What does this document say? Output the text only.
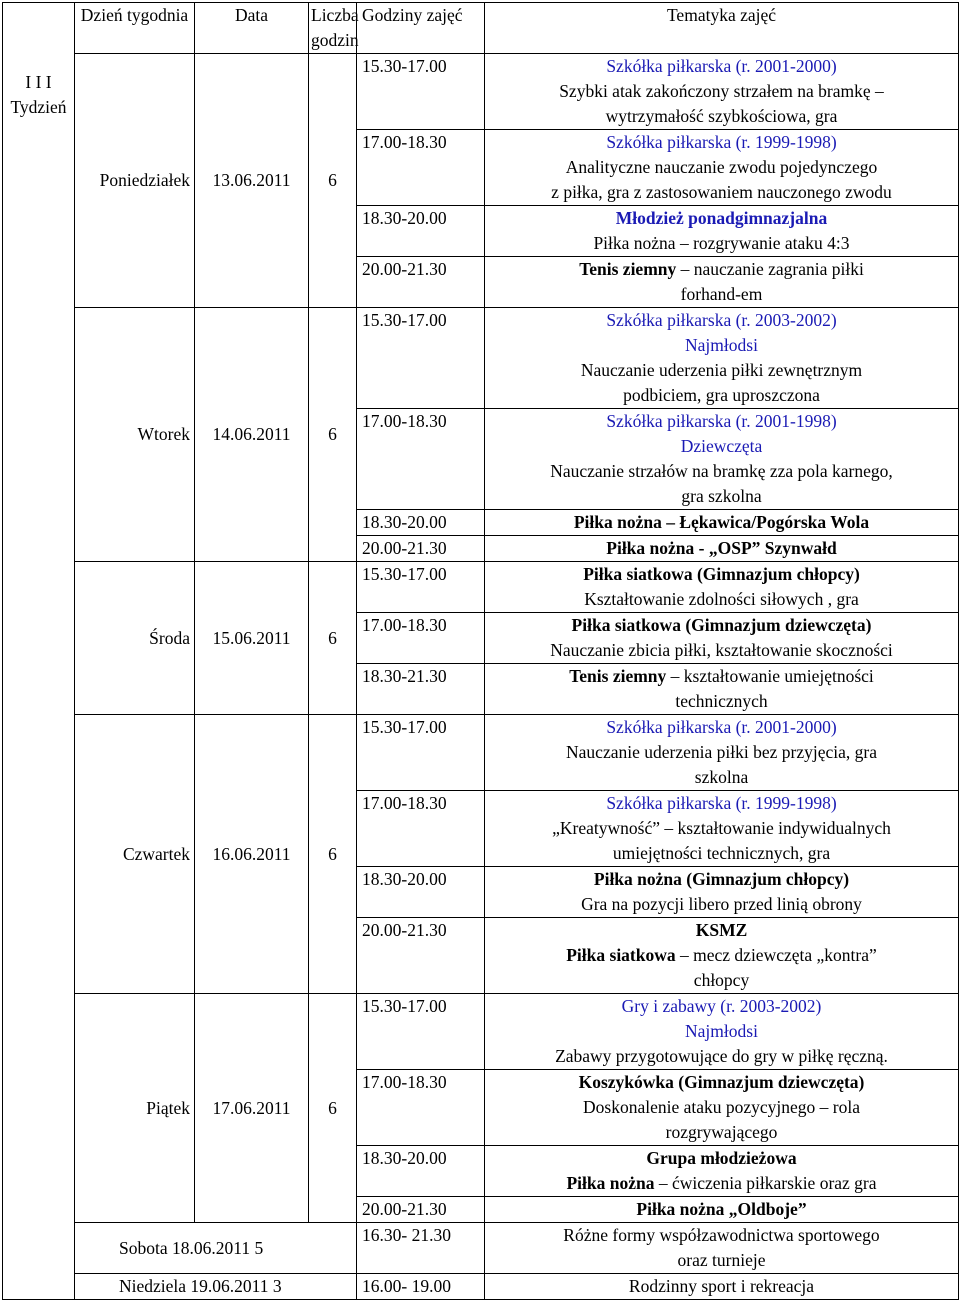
I I I
Tydzień	Dzień tygodnia	Data	Liczba
godzin	Godziny zajęć	Tematyka zajęć
	Poniedziałek	13.06.2011	6	15.30-17.00	Szkółka piłkarska (r. 2001-2000)
Szybki atak zakończony strzałem na bramkę –
wytrzymałość szybkościowa, gra

				17.00-18.30	Szkółka piłkarska (r. 1999-1998)
Analityczne nauczanie zwodu pojedynczego
z piłka, gra z zastosowaniem nauczonego zwodu

				18.30-20.00	Młodzież ponadgimnazjalna
Piłka nożna – rozgrywanie ataku 4:3

				20.00-21.30	Tenis ziemny – nauczanie zagrania piłki
forhand-em

	Wtorek	14.06.2011	6	15.30-17.00	Szkółka piłkarska (r. 2003-2002)
Najmłodsi
Nauczanie uderzenia piłki zewnętrznym
podbiciem, gra uproszczona

				17.00-18.30	Szkółka piłkarska (r. 2001-1998)
Dziewczęta
Nauczanie strzałów na bramkę zza pola karnego,
gra szkolna

				18.30-20.00	Piłka nożna – Łękawica/Pogórska Wola

				20.00-21.30	Piłka nożna - „OSP” Szynwałd

	Środa	15.06.2011	6	15.30-17.00	Piłka siatkowa (Gimnazjum chłopcy)
Kształtowanie zdolności siłowych , gra

				17.00-18.30	Piłka siatkowa (Gimnazjum dziewczęta)
Nauczanie zbicia piłki, kształtowanie skoczności

				18.30-21.30	Tenis ziemny – kształtowanie umiejętności
technicznych

	Czwartek	16.06.2011	6	15.30-17.00	Szkółka piłkarska (r. 2001-2000)
Nauczanie uderzenia piłki bez przyjęcia, gra
szkolna

				17.00-18.30	Szkółka piłkarska (r. 1999-1998)
„Kreatywność” – kształtowanie indywidualnych
umiejętności technicznych, gra

				18.30-20.00	Piłka nożna (Gimnazjum chłopcy)
Gra na pozycji libero przed linią obrony

				20.00-21.30	KSMZ
Piłka siatkowa – mecz dziewczęta „kontra”
chłopcy

	Piątek	17.06.2011	6	15.30-17.00	Gry i zabawy (r. 2003-2002)
Najmłodsi
Zabawy przygotowujące do gry w piłkę ręczną.

				17.00-18.30	Koszykówka (Gimnazjum dziewczęta)
Doskonalenie ataku pozycyjnego – rola
rozgrywającego

				18.30-20.00	Grupa młodzieżowa
Piłka nożna – ćwiczenia piłkarskie oraz gra

				20.00-21.30	Piłka nożna „Oldboje”

	Sobota 18.06.2011 5			16.30- 21.30	Różne formy współzawodnictwa sportowego
oraz turnieje

	Niedziela 19.06.2011 3			16.00- 19.00	Rodzinny sport i rekreacja
